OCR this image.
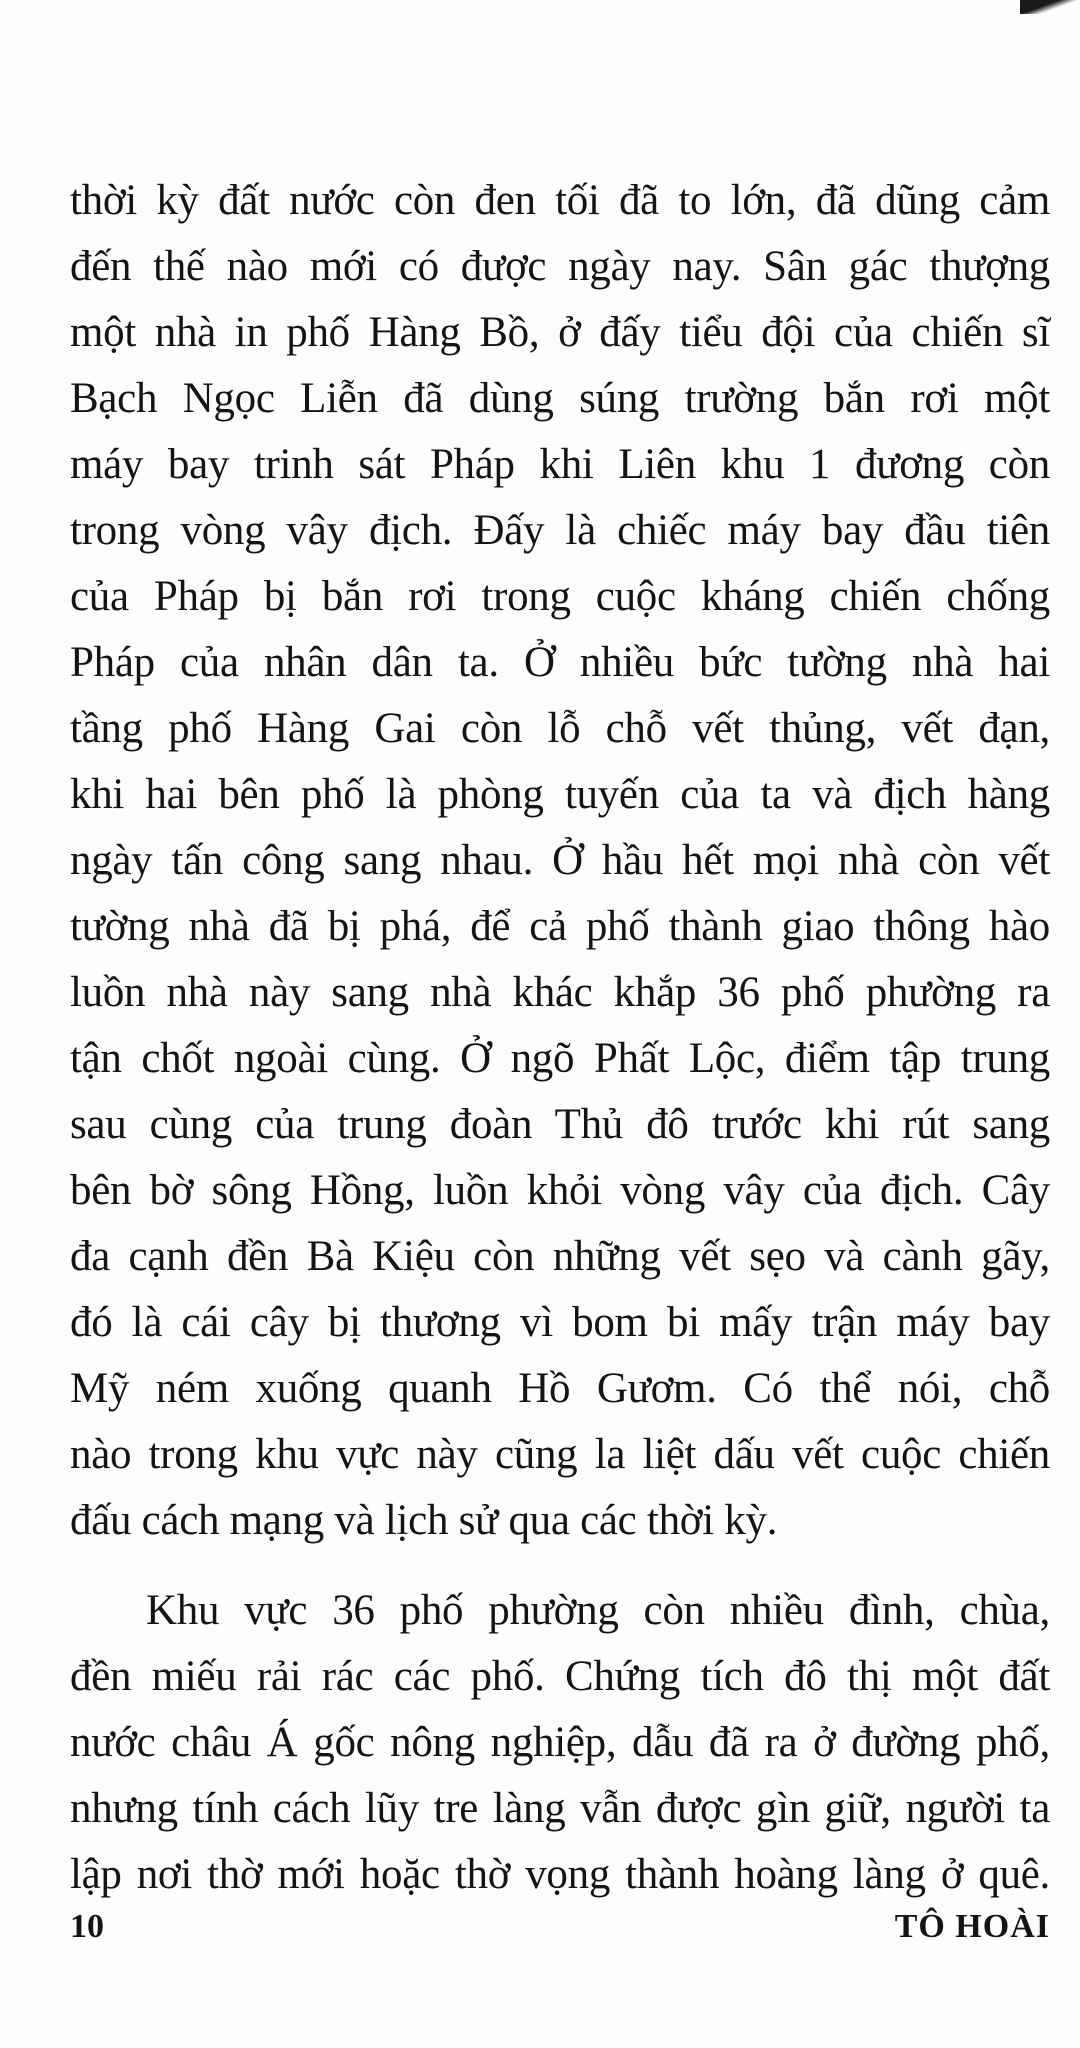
thời kỳ đất nước còn đen tối đã to lớn, đã dũng cảm
đến thế nào mới có được ngày nay. Sân gác thượng
một nhà in phố Hàng Bồ, ở đấy tiểu đội của chiến sĩ
Bạch Ngọc Liễn đã dùng súng trường bắn rơi một
máy bay trinh sát Pháp khi Liên khu 1 đương còn
trong vòng vây địch. Đấy là chiếc máy bay đầu tiên
của Pháp bị bắn rơi trong cuộc kháng chiến chống
Pháp của nhân dân ta. Ở nhiều bức tường nhà hai
tầng phố Hàng Gai còn lỗ chỗ vết thủng, vết đạn,
khi hai bên phố là phòng tuyến của ta và địch hàng
ngày tấn công sang nhau. Ở hầu hết mọi nhà còn vết
tường nhà đã bị phá, để cả phố thành giao thông hào
luồn nhà này sang nhà khác khắp 36 phố phường ra
tận chốt ngoài cùng. Ở ngõ Phất Lộc, điểm tập trung
sau cùng của trung đoàn Thủ đô trước khi rút sang
bên bờ sông Hồng, luồn khỏi vòng vây của địch. Cây
đa cạnh đền Bà Kiệu còn những vết sẹo và cành gãy,
đó là cái cây bị thương vì bom bi mấy trận máy bay
Mỹ ném xuống quanh Hồ Gươm. Có thể nói, chỗ
nào trong khu vực này cũng la liệt dấu vết cuộc chiến
đấu cách mạng và lịch sử qua các thời kỳ.
Khu vực 36 phố phường còn nhiều đình, chùa,
đền miếu rải rác các phố. Chứng tích đô thị một đất
nước châu Á gốc nông nghiệp, dẫu đã ra ở đường phố,
nhưng tính cách lũy tre làng vẫn được gìn giữ, người ta
lập nơi thờ mới hoặc thờ vọng thành hoàng làng ở quê.
10	TÔ HOÀI
